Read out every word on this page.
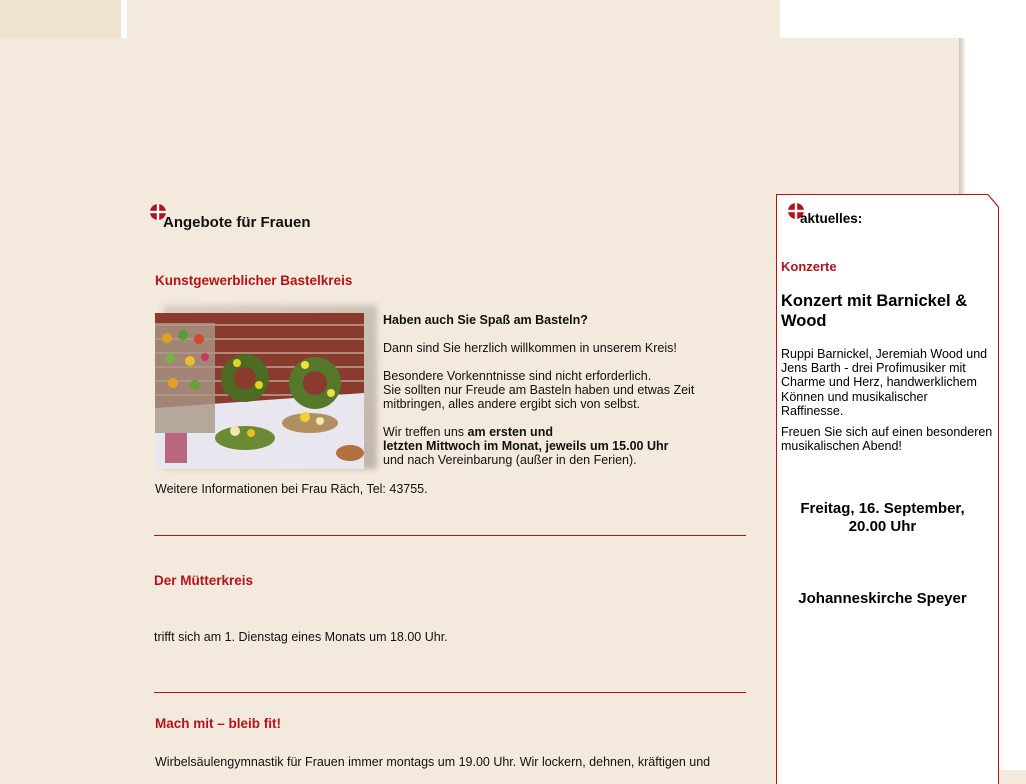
Angebote für Frauen
Kunstgewerblicher Bastelkreis
Haben auch Sie Spaß am Basteln?
Dann sind Sie herzlich willkommen in unserem Kreis!
Besondere Vorkenntnisse sind nicht erforderlich.
Sie sollten nur Freude am Basteln haben und etwas Zeit
mitbringen, alles andere ergibt sich von selbst.
Wir treffen uns am ersten und
letzten Mittwoch im Monat, jeweils um 15.00 Uhr
und nach Vereinbarung (außer in den Ferien).
Weitere Informationen bei Frau Räch, Tel: 43755.
Der Mütterkreis
trifft sich am 1. Dienstag eines Monats um 18.00 Uhr.
Mach mit – bleib fit!
Wirbelsäulengymnastik für Frauen immer montags um 19.00 Uhr. Wir lockern, dehnen, kräftigen und
aktuelles:
Konzerte
Konzert mit Barnickel & Wood
Ruppi Barnickel, Jeremiah Wood und Jens Barth - drei Profimusiker mit Charme und Herz, handwerklichem Können und musikalischer Raffinesse.
Freuen Sie sich auf einen besonderen musikalischen Abend!
Freitag, 16. September,
20.00 Uhr
Johanneskirche Speyer
